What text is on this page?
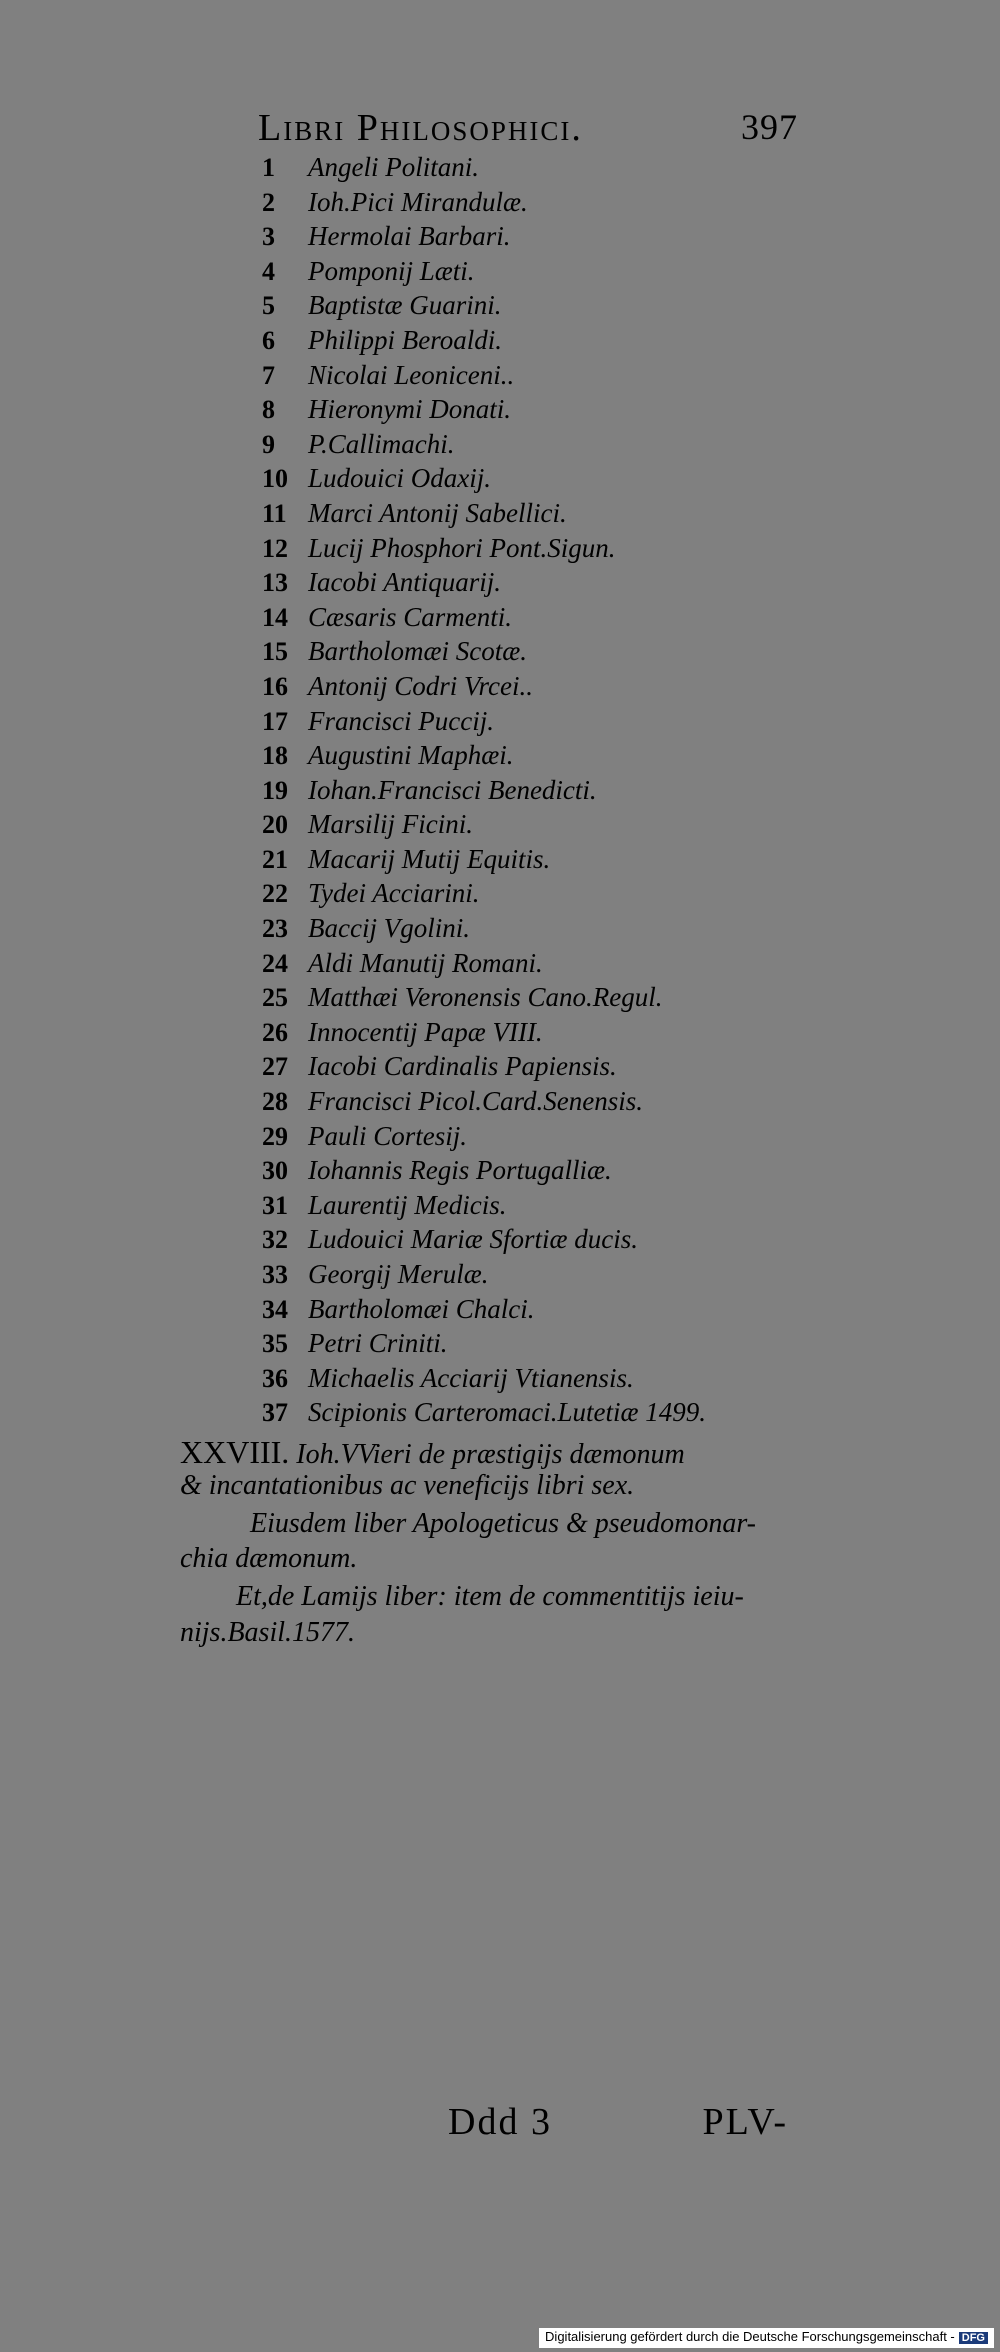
Libri Philosophici.	397
1 Angeli Politani.
2 Ioh.Pici Mirandulæ.
3 Hermolai Barbari.
4 Pomponij Læti.
5 Baptistæ Guarini.
6 Philippi Beroaldi.
7 Nicolai Leoniceni..
8 Hieronymi Donati.
9 P.Callimachi.
10 Ludouici Odaxij.
11 Marci Antonij Sabellici.
12 Lucij Phosphori Pont.Sigun.
13 Iacobi Antiquarij.
14 Cæsaris Carmenti.
15 Bartholomæi Scotæ.
16 Antonij Codri Vrcei..
17 Francisci Puccij.
18 Augustini Maphæi.
19 Iohan.Francisci Benedicti.
20 Marsilij Ficini.
21 Macarij Mutij Equitis.
22 Tydei Acciarini.
23 Baccij Vgolini.
24 Aldi Manutij Romani.
25 Matthæi Veronensis Cano.Regul.
26 Innocentij Papæ VIII.
27 Iacobi Cardinalis Papiensis.
28 Francisci Picol.Card.Senensis.
29 Pauli Cortesij.
30 Iohannis Regis Portugalliæ.
31 Laurentij Medicis.
32 Ludouici Mariæ Sfortiæ ducis.
33 Georgij Merulæ.
34 Bartholomæi Chalci.
35 Petri Criniti.
36 Michaelis Acciarij Vtianensis.
37 Scipionis Carteromaci.Lutetiæ 1499.
XXVIII. Ioh.VVieri de præstigijs dæmonum
& incantationibus ac veneficijs libri sex.
Eiusdem liber Apologeticus & pseudomonar-
chia dæmonum.
Et,de Lamijs liber: item de commentitijs ieiu-
nijs.Basil.1577.
Ddd 3	PLV-
Digitalisierung gefördert durch die Deutsche Forschungsgemeinschaft - DFG
